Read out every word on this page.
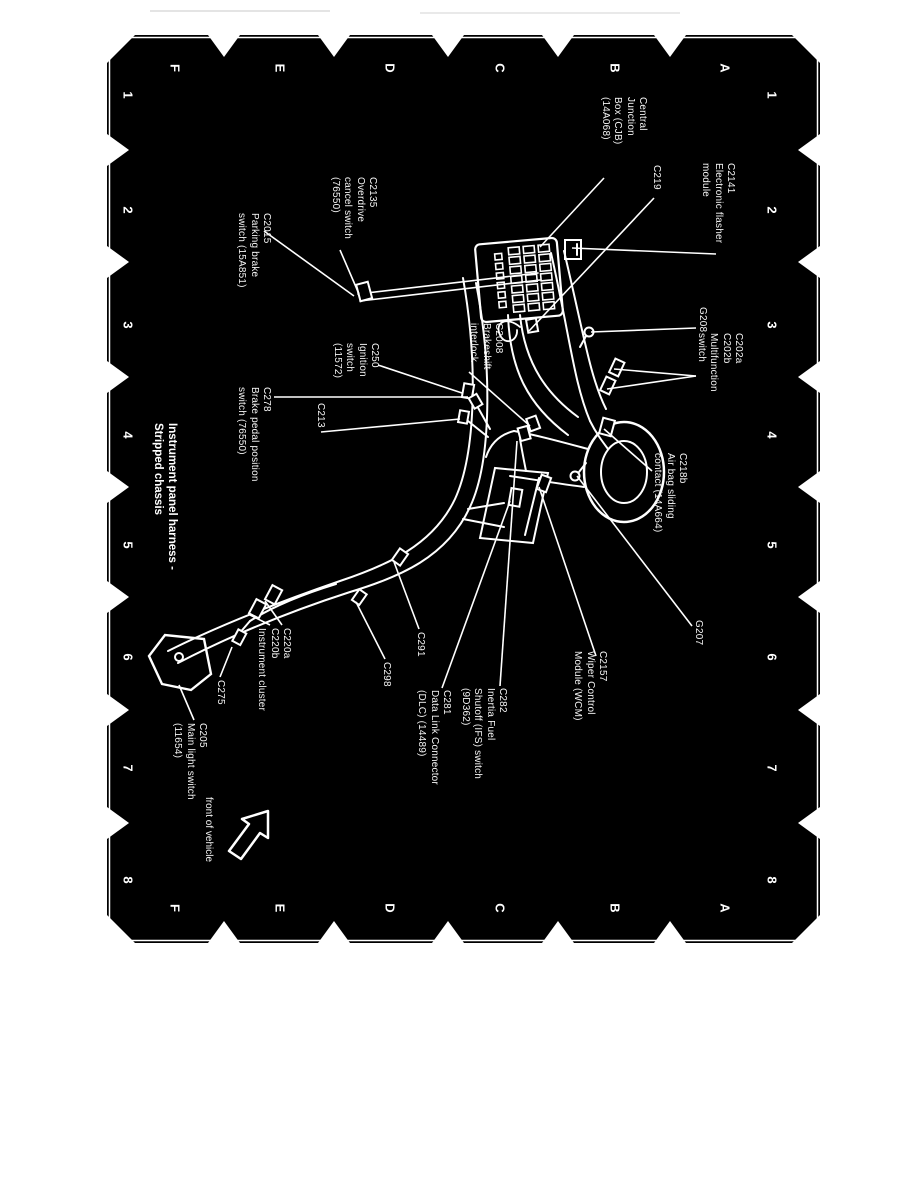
Central
Junction
Box (CJB)
(14A068)
C2141
Electronic flasher
module
C219
G208
C202a
C202b
Multifunction
switch
C218b
Air bag sliding
contact (14A664)
G207
C2157
Wiper Control
Module (WCM)
C282
Inertia Fuel
Shutoff (IFS) switch
(9D362)
C281
Data Link Connector
(DLC) (14489)
C291
C298
C220a
C220b
Instrument cluster
C275
C205
Main light switch
(11654)
C2015
Parking brake
switch (15A851)
C2135
Overdrive
cancel switch
(76550)
C250
Ignition
switch
(11572)
C2008
Brakeshift
interlock
C278
Brake pedal position
switch (76550)	C213
1
1
2
2
3
3
4
4
5
5
6
6
7
7
8
8
A
A
B
B
C
C
D
D
E
E
F
F
Instrument panel harness -
Stripped chassis
front of vehicle
